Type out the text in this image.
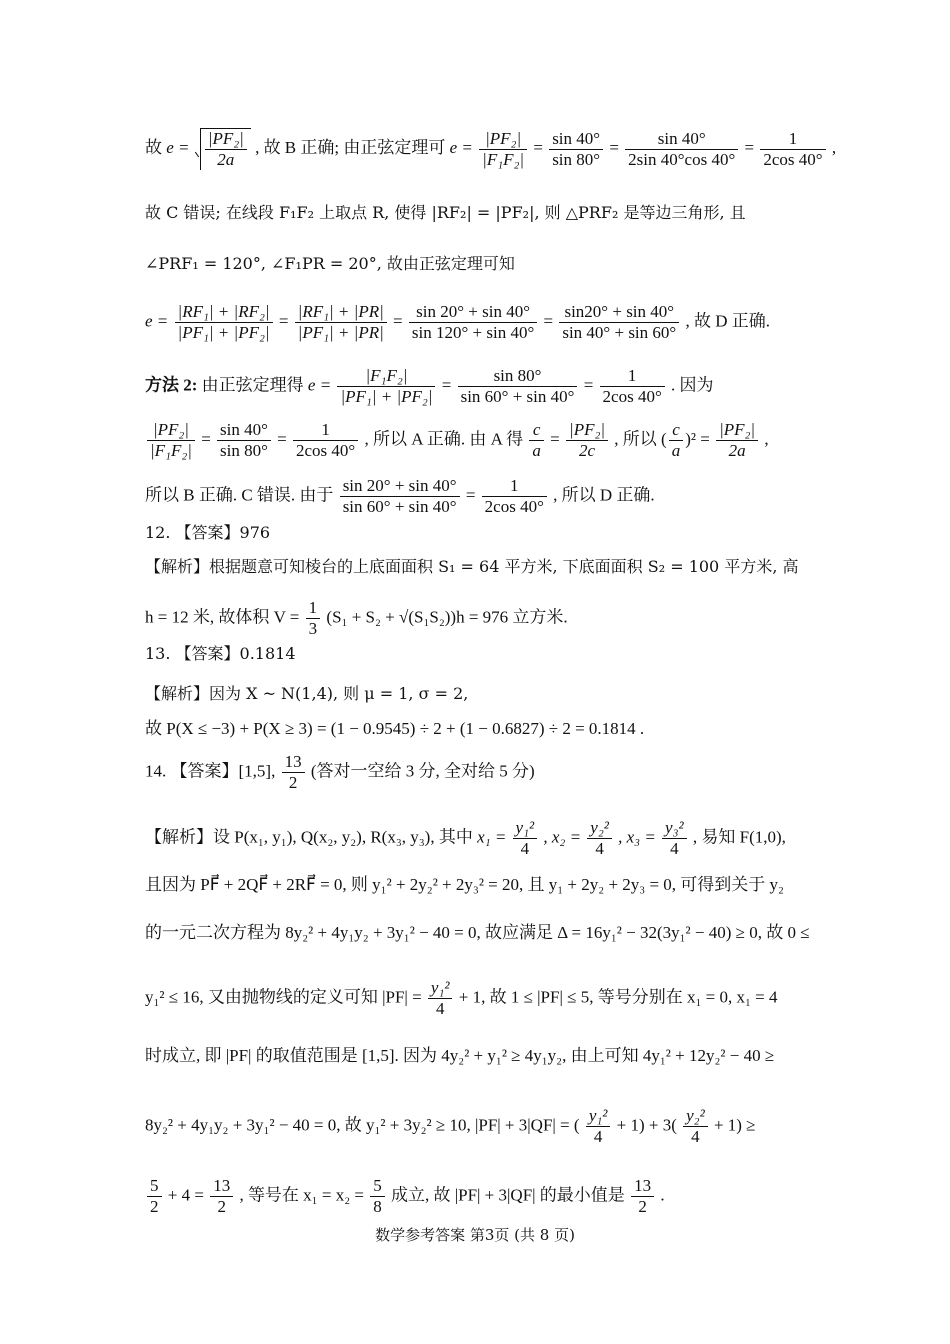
故 $e = \frac{\text{|PF₂|}}{2a}$ , 故 B 正确; 由正弦定理可 $e = \frac{\text{|PF₂|}}{\text{|F₁F₂|}} = \frac{\sin 40^\circ}{\sin 80^\circ} = \frac{\sin 40^\circ}{2\sin 40^\circ\cos 40^\circ} = \frac{1}{2\cos 40^\circ}$ ,
故 C 错误; 在线段 F₁F₂ 上取点 R, 使得 |RF₂| = |PF₂|, 则 △PRF₂ 是等边三角形, 且
∠PRF₁ = 120°, ∠F₁PR = 20°, 故由正弦定理可知
$e = \frac{\text{|RF₁| + |RF₂|}}{\text{|PF₁| + |PF₂|}} = \frac{\text{|RF₁| + |PR|}}{\text{|PF₁| + |PR|}} = \frac{\sin 20^\circ + \sin 40^\circ}{\sin 120^\circ + \sin 40^\circ} = \frac{\sin 20^\circ + \sin 40^\circ}{\sin 40^\circ + \sin 60^\circ}$ , 故 D 正确.
方法 2: 由正弦定理得 $e = \frac{\text{|F₁F₂|}}{\text{|PF₁| + |PF₂|}} = \frac{\sin 80^\circ}{\sin 60^\circ + \sin 40^\circ} = \frac{1}{2\cos 40^\circ}$ . 因为
$\frac{\text{|PF₂|}}{\text{|F₁F₂|}} = \frac{\sin 40^\circ}{\sin 80^\circ} = \frac{1}{2\cos 40^\circ}$ , 所以 A 正确. 由 A 得 $\frac{c}{a} = \frac{\text{|PF₂|}}{2c}$ , 所以 ( $\frac{c}{a} )^2 = \frac{\text{|PF₂|}}{2a}$ ,
所以 B 正确. C 错误. 由于 $\frac{\sin 20^\circ + \sin 40^\circ}{\sin 60^\circ + \sin 40^\circ} = \frac{1}{2\cos 40^\circ}$ , 所以 D 正确.
12. 【答案】976
【解析】根据题意可知棱台的上底面面积 S₁ = 64 平方米, 下底面面积 S₂ = 100 平方米, 高
h = 12 米, 故体积 $V = \frac{1}{3} (S_1 + S_2 + √(S_1S_2))h = 976$ 立方米.
13. 【答案】0.1814
【解析】因为 X ~ N(1,4), 则 μ = 1, σ = 2,
故 P(X ≤ −3) + P(X ≥ 3) = (1 − 0.9545) ÷ 2 + (1 − 0.6827) ÷ 2 = 0.1814 .
14. 【答案】[1,5], $\frac{13}{2}$ (答对一空给 3 分, 全对给 5 分)
【解析】设 P(x₁, y₁), Q(x₂, y₂), R(x₃, y₃), 其中 $x_1 = \frac{\text{y₁²}}{4}$ , $x_2 = \frac{\text{y₂²}}{4}$ , $x_3 = \frac{\text{y₃²}}{4}$ , 易知 F(1,0),
且因为 PF⃗ + 2QF⃗ + 2RF⃗ = 0, 则 y₁² + 2y₂² + 2y₃² = 20, 且 y₁ + 2y₂ + 2y₃ = 0, 可得到关于 y₂
的一元二次方程为 8y₂² + 4y₁y₂ + 3y₁² − 40 = 0, 故应满足 Δ = 16y₁² − 32(3y₁² − 40) ≥ 0, 故 0 ≤
y₁² ≤ 16, 又由抛物线的定义可知 $|PF| = \frac{\text{y₁²}}{4} + 1$, 故 1 ≤ |PF| ≤ 5, 等号分别在 x₁ = 0, x₁ = 4
时成立, 即 |PF| 的取值范围是 [1,5]. 因为 4y₂² + y₁² ≥ 4y₁y₂, 由上可知 4y₁² + 12y₂² − 40 ≥
8y₂² + 4y₁y₂ + 3y₁² − 40 = 0, 故 y₁² + 3y₂² ≥ 10, |PF| + 3|QF| = ( $\frac{\text{y₁²}}{4} + 1) + 3( \frac{\text{y₂²}}{4} + 1)$ ≥
$\frac{5}{2} + 4 = \frac{13}{2}$ , 等号在 $x_1 = x_2 = \frac{5}{8}$ 成立, 故 |PF| + 3|QF| 的最小值是 $\frac{13}{2}$ .
数学参考答案 第3页 (共 8 页)
